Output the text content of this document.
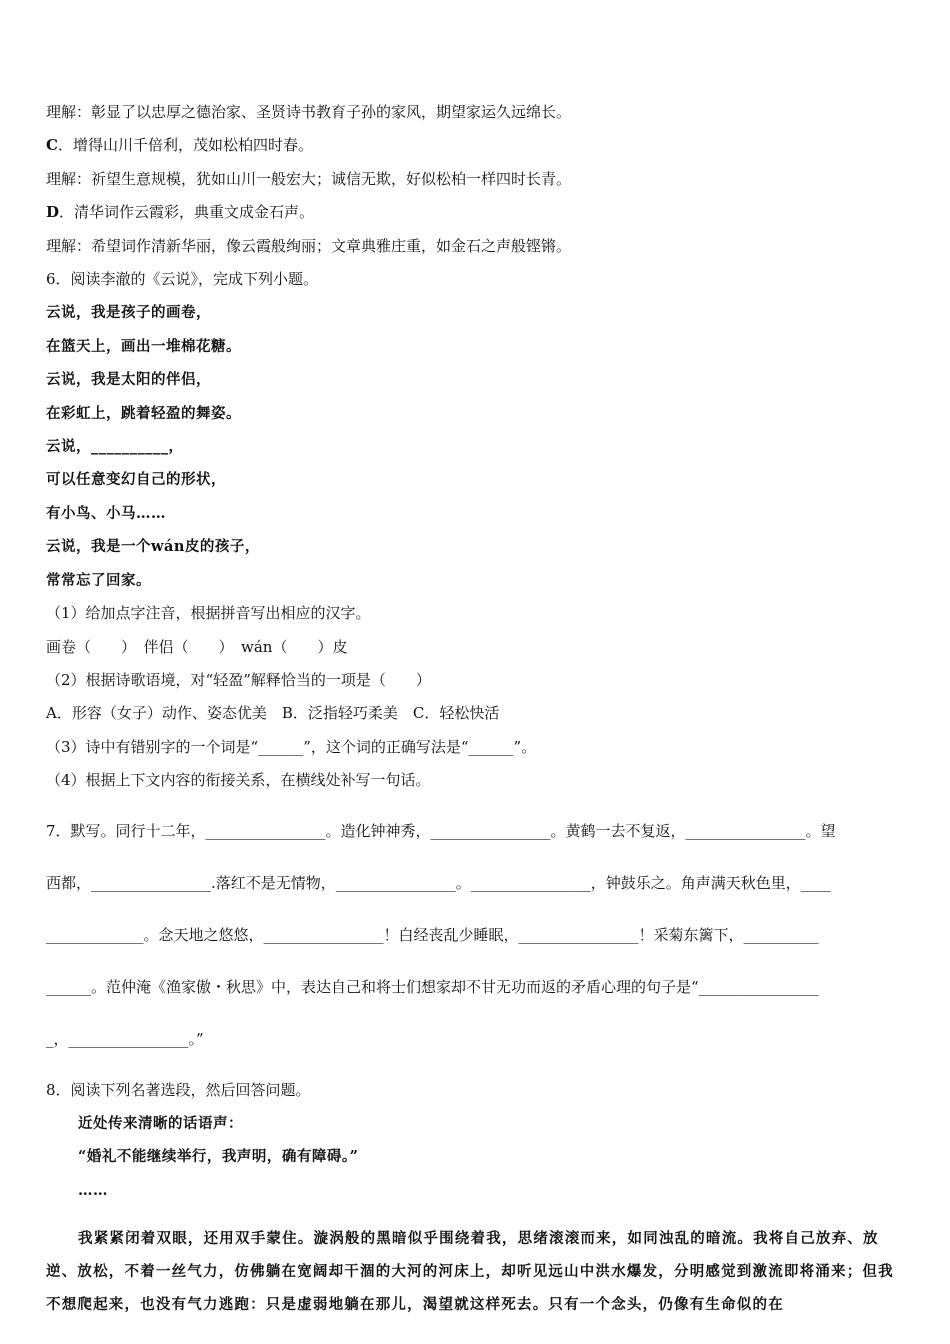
理解：彰显了以忠厚之德治家、圣贤诗书教育子孙的家风，期望家运久远绵长。

C．增得山川千倍利，茂如松柏四时春。

理解：祈望生意规模，犹如山川一般宏大；诚信无欺，好似松柏一样四时长青。

D．清华词作云霞彩，典重文成金石声。

理解：希望词作清新华丽，像云霞般绚丽；文章典雅庄重，如金石之声般铿锵。

6．阅读李澈的《云说》，完成下列小题。

云说，我是孩子的画卷，

在篮天上，画出一堆棉花糖。

云说，我是太阳的伴侣，

在彩虹上，跳着轻盈的舞姿。

云说，__________，

可以任意变幻自己的形状，

有小鸟、小马……

云说，我是一个wán皮的孩子，

常常忘了回家。

（1）给加点字注音，根据拼音写出相应的汉字。

画卷（　　）　伴侣（　　）　wán（　　）皮

（2）根据诗歌语境，对“轻盈”解释恰当的一项是（　　）

A．形容（女子）动作、姿态优美　B．泛指轻巧柔美　C．轻松快活

（3）诗中有错别字的一个词是“______”，这个词的正确写法是“______”。

（4）根据上下文内容的衔接关系，在横线处补写一句话。

7．默写。同行十二年，________________。造化钟神秀，________________。黄鹤一去不复返，________________。望

西都，________________.落红不是无情物，________________。________________，钟鼓乐之。角声满天秋色里，____

_____________。念天地之悠悠，________________！白经丧乱少睡眠，________________！采菊东篱下，__________

______。范仲淹《渔家傲・秋思》中，表达自己和将士们想家却不甘无功而返的矛盾心理的句子是“________________

_，________________。”

8．阅读下列名著选段，然后回答问题。

近处传来清晰的话语声：

“婚礼不能继续举行，我声明，确有障碍。”

……

我紧紧闭着双眼，还用双手蒙住。漩涡般的黑暗似乎围绕着我，思绪滚滚而来，如同浊乱的暗流。我将自己放弃、放逆、放松，不着一丝气力，仿佛躺在宽阔却干涸的大河的河床上，却听见远山中洪水爆发，分明感觉到激流即将涌来；但我不想爬起来，也没有气力逃跑：只是虚弱地躺在那儿，渴望就这样死去。只有一个念头，仍像有生命似的在
